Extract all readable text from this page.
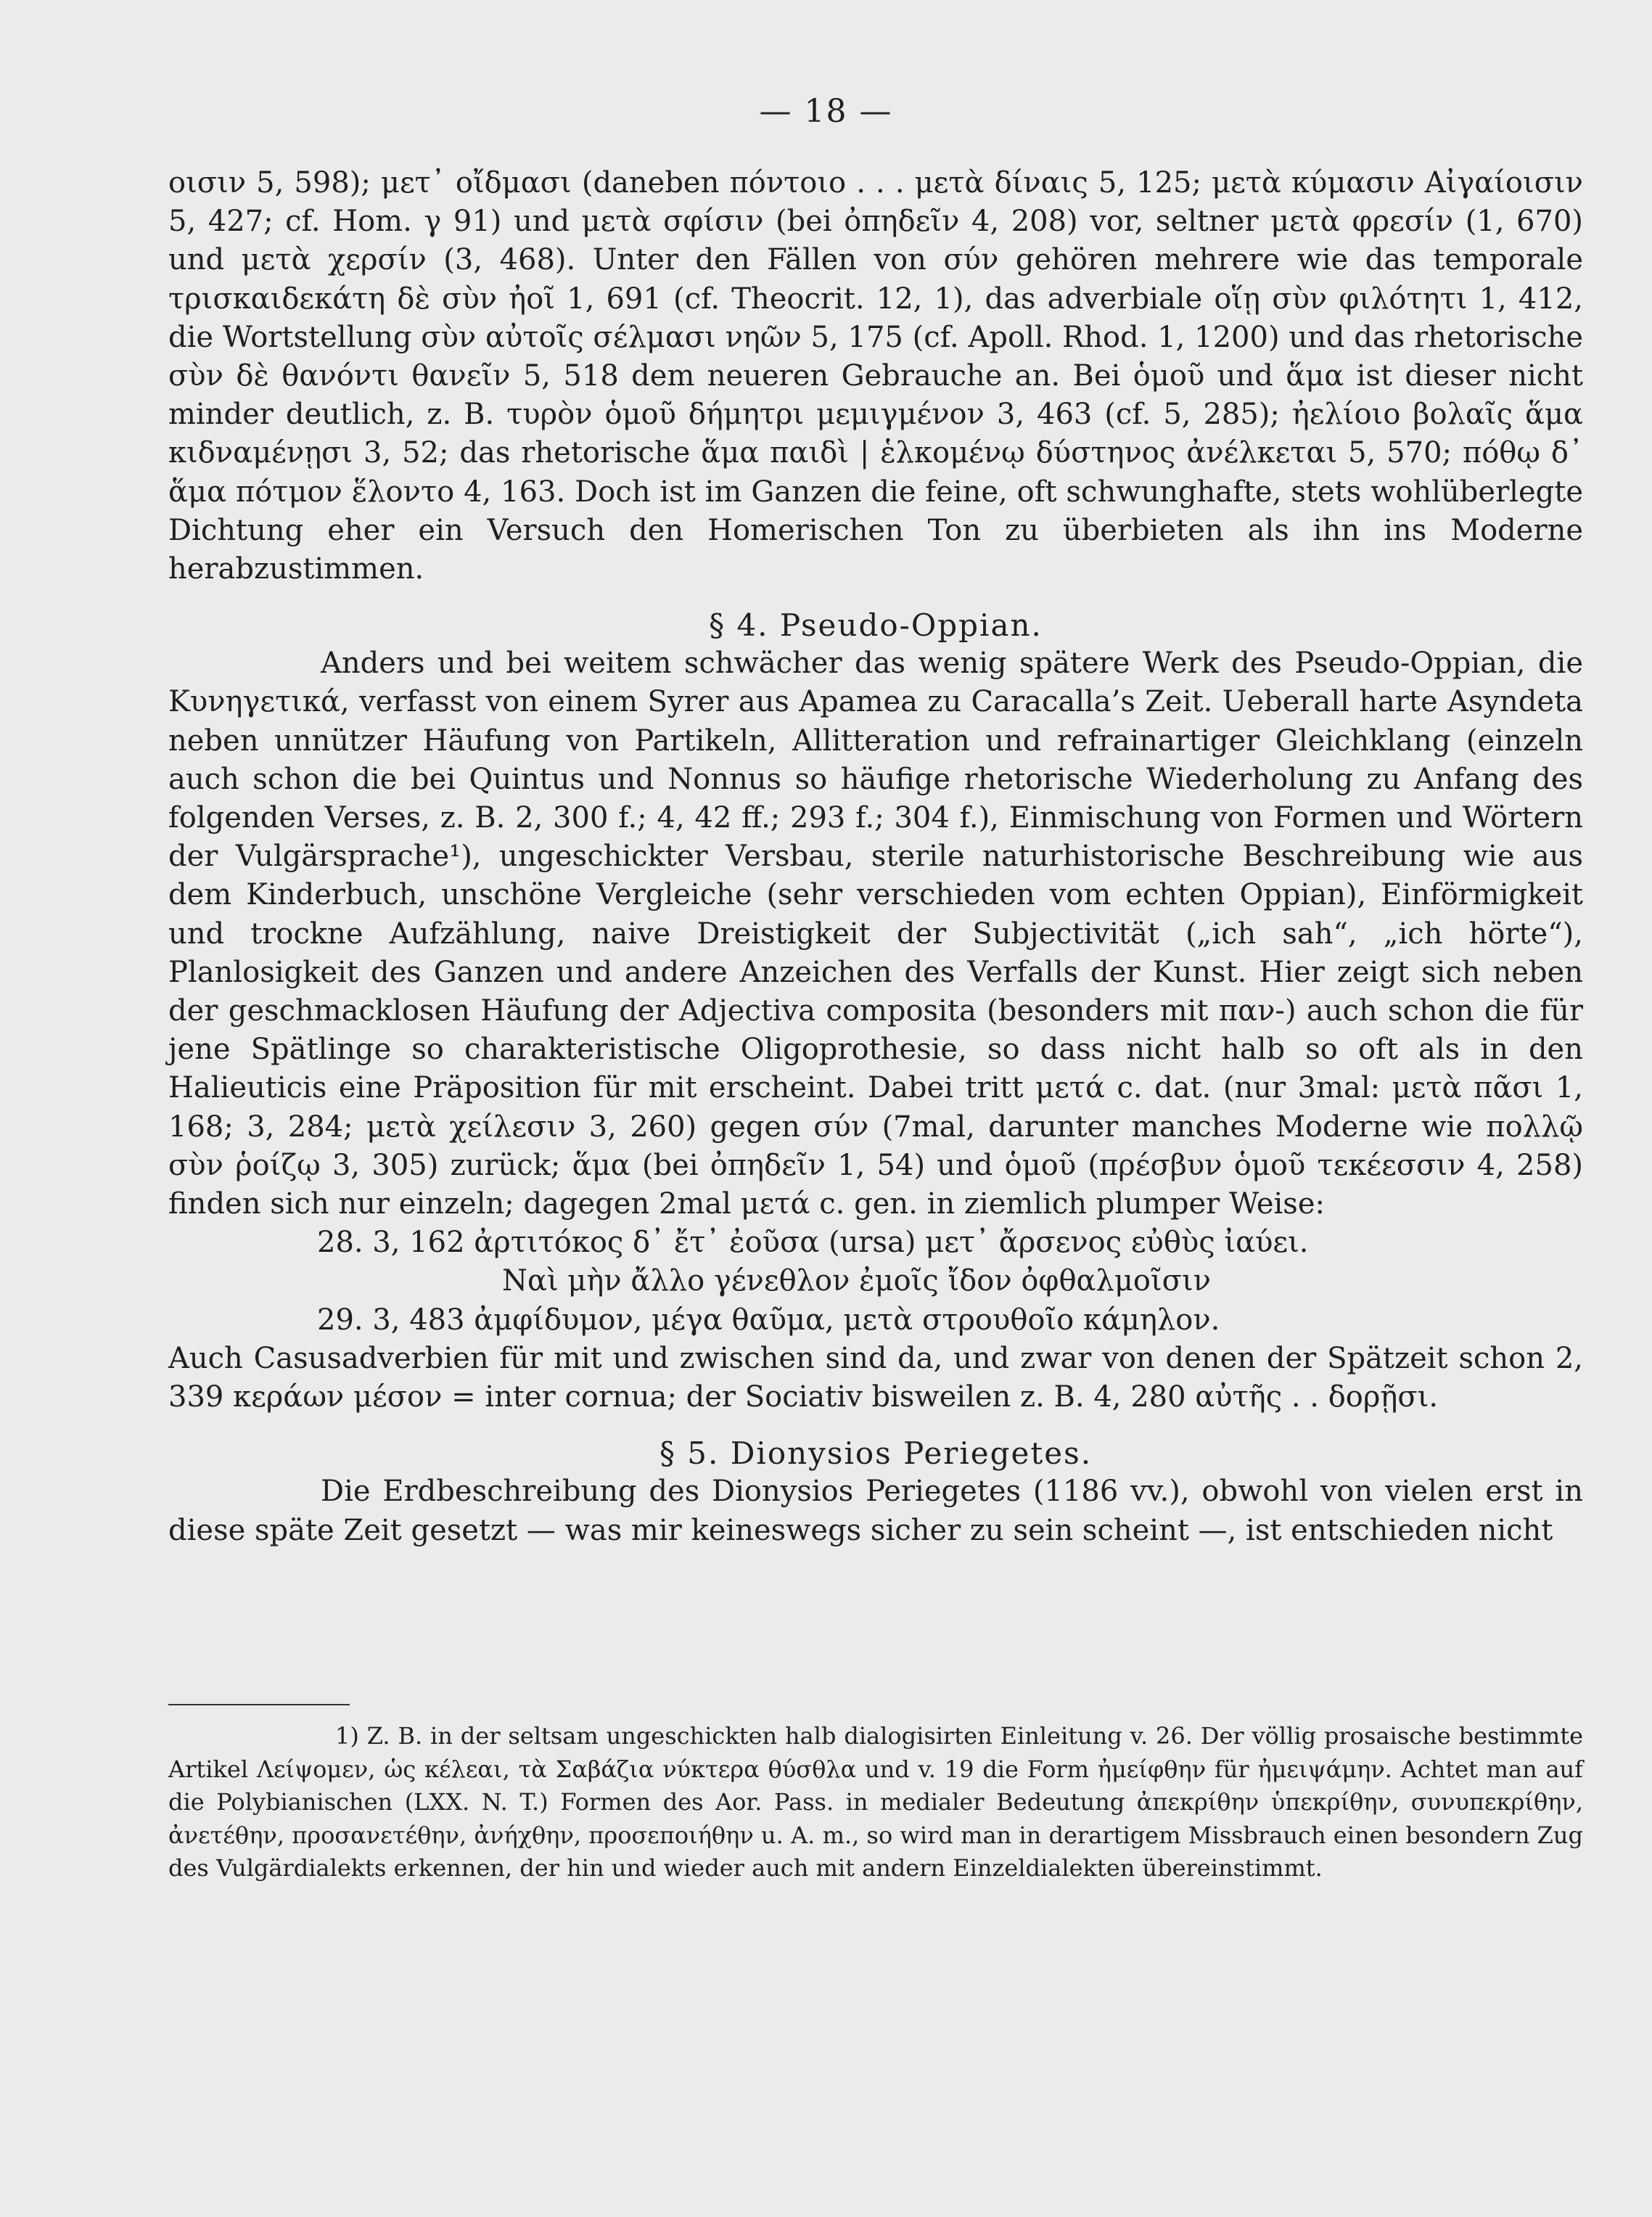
— 18 —

οισιν 5, 598); μετ᾽ οἴδμασι (daneben πόντοιο . . . μετὰ δίναις 5, 125; μετὰ κύμασιν Αἰγαίοισιν 5, 427; cf. Hom. γ 91) und μετὰ σφίσιν (bei ὀπηδεῖν 4, 208) vor, seltner μετὰ φρεσίν (1, 670) und μετὰ χερσίν (3, 468). Unter den Fällen von σύν gehören mehrere wie das temporale τρισκαιδεκάτη δὲ σὺν ἠοῖ 1, 691 (cf. Theocrit. 12, 1), das adverbiale οἵῃ σὺν φιλότητι 1, 412, die Wortstellung σὺν αὐτοῖς σέλμασι νηῶν 5, 175 (cf. Apoll. Rhod. 1, 1200) und das rhetorische σὺν δὲ θανόντι θανεῖν 5, 518 dem neueren Gebrauche an. Bei ὁμοῦ und ἅμα ist dieser nicht minder deutlich, z. B. τυρὸν ὁμοῦ δήμητρι μεμιγμένον 3, 463 (cf. 5, 285); ἠελίοιο βολαῖς ἅμα κιδναμένῃσι 3, 52; das rhetorische ἅμα παιδὶ | ἑλκομένῳ δύστηνος ἀνέλκεται 5, 570; πόθῳ δ᾽ ἅμα πότμον ἕλοντο 4, 163. Doch ist im Ganzen die feine, oft schwunghafte, stets wohlüberlegte Dichtung eher ein Versuch den Homerischen Ton zu überbieten als ihn ins Moderne herabzustimmen.

§ 4. Pseudo-Oppian.

Anders und bei weitem schwächer das wenig spätere Werk des Pseudo-Oppian, die Κυνηγετικά, verfasst von einem Syrer aus Apamea zu Caracalla’s Zeit. Ueberall harte Asyndeta neben unnützer Häufung von Partikeln, Allitteration und refrainartiger Gleichklang (einzeln auch schon die bei Quintus und Nonnus so häufige rhetorische Wiederholung zu Anfang des folgenden Verses, z. B. 2, 300 f.; 4, 42 ff.; 293 f.; 304 f.), Einmischung von Formen und Wörtern der Vulgärsprache¹), ungeschickter Versbau, sterile naturhistorische Beschreibung wie aus dem Kinderbuch, unschöne Vergleiche (sehr verschieden vom echten Oppian), Einförmigkeit und trockne Aufzählung, naive Dreistigkeit der Subjectivität („ich sah“, „ich hörte“), Planlosigkeit des Ganzen und andere Anzeichen des Verfalls der Kunst. Hier zeigt sich neben der geschmacklosen Häufung der Adjectiva composita (besonders mit παν-) auch schon die für jene Spätlinge so charakteristische Oligoprothesie, so dass nicht halb so oft als in den Halieuticis eine Präposition für mit erscheint. Dabei tritt μετά c. dat. (nur 3mal: μετὰ πᾶσι 1, 168; 3, 284; μετὰ χείλεσιν 3, 260) gegen σύν (7mal, darunter manches Moderne wie πολλῷ σὺν ῥοίζῳ 3, 305) zurück; ἅμα (bei ὀπηδεῖν 1, 54) und ὁμοῦ (πρέσβυν ὁμοῦ τεκέεσσιν 4, 258) finden sich nur einzeln; dagegen 2mal μετά c. gen. in ziemlich plumper Weise:

28. 3, 162 ἀρτιτόκος δ᾽ ἔτ᾽ ἐοῦσα (ursa) μετ᾽ ἄρσενος εὐθὺς ἰαύει.

Ναὶ μὴν ἄλλο γένεθλον ἐμοῖς ἴδον ὀφθαλμοῖσιν

29. 3, 483 ἀμφίδυμον, μέγα θαῦμα, μετὰ στρουθοῖο κάμηλον.

Auch Casusadverbien für mit und zwischen sind da, und zwar von denen der Spätzeit schon 2, 339 κεράων μέσον = inter cornua; der Sociativ bisweilen z. B. 4, 280 αὐτῆς . . δορῇσι.

§ 5. Dionysios Periegetes.

Die Erdbeschreibung des Dionysios Periegetes (1186 vv.), obwohl von vielen erst in diese späte Zeit gesetzt — was mir keineswegs sicher zu sein scheint —, ist entschieden nicht

1) Z. B. in der seltsam ungeschickten halb dialogisirten Einleitung v. 26. Der völlig prosaische bestimmte Artikel Λείψομεν, ὡς κέλεαι, τὰ Σαβάζια νύκτερα θύσθλα und v. 19 die Form ἠμείφθην für ἠμειψάμην. Achtet man auf die Polybianischen (LXX. N. T.) Formen des Aor. Pass. in medialer Bedeutung ἀπεκρίθην ὑπεκρίθην, συνυπεκρίθην, ἀνετέθην, προσανετέθην, ἀνήχθην, προσεποιήθην u. A. m., so wird man in derartigem Missbrauch einen besondern Zug des Vulgärdialekts erkennen, der hin und wieder auch mit andern Einzeldialekten übereinstimmt.
